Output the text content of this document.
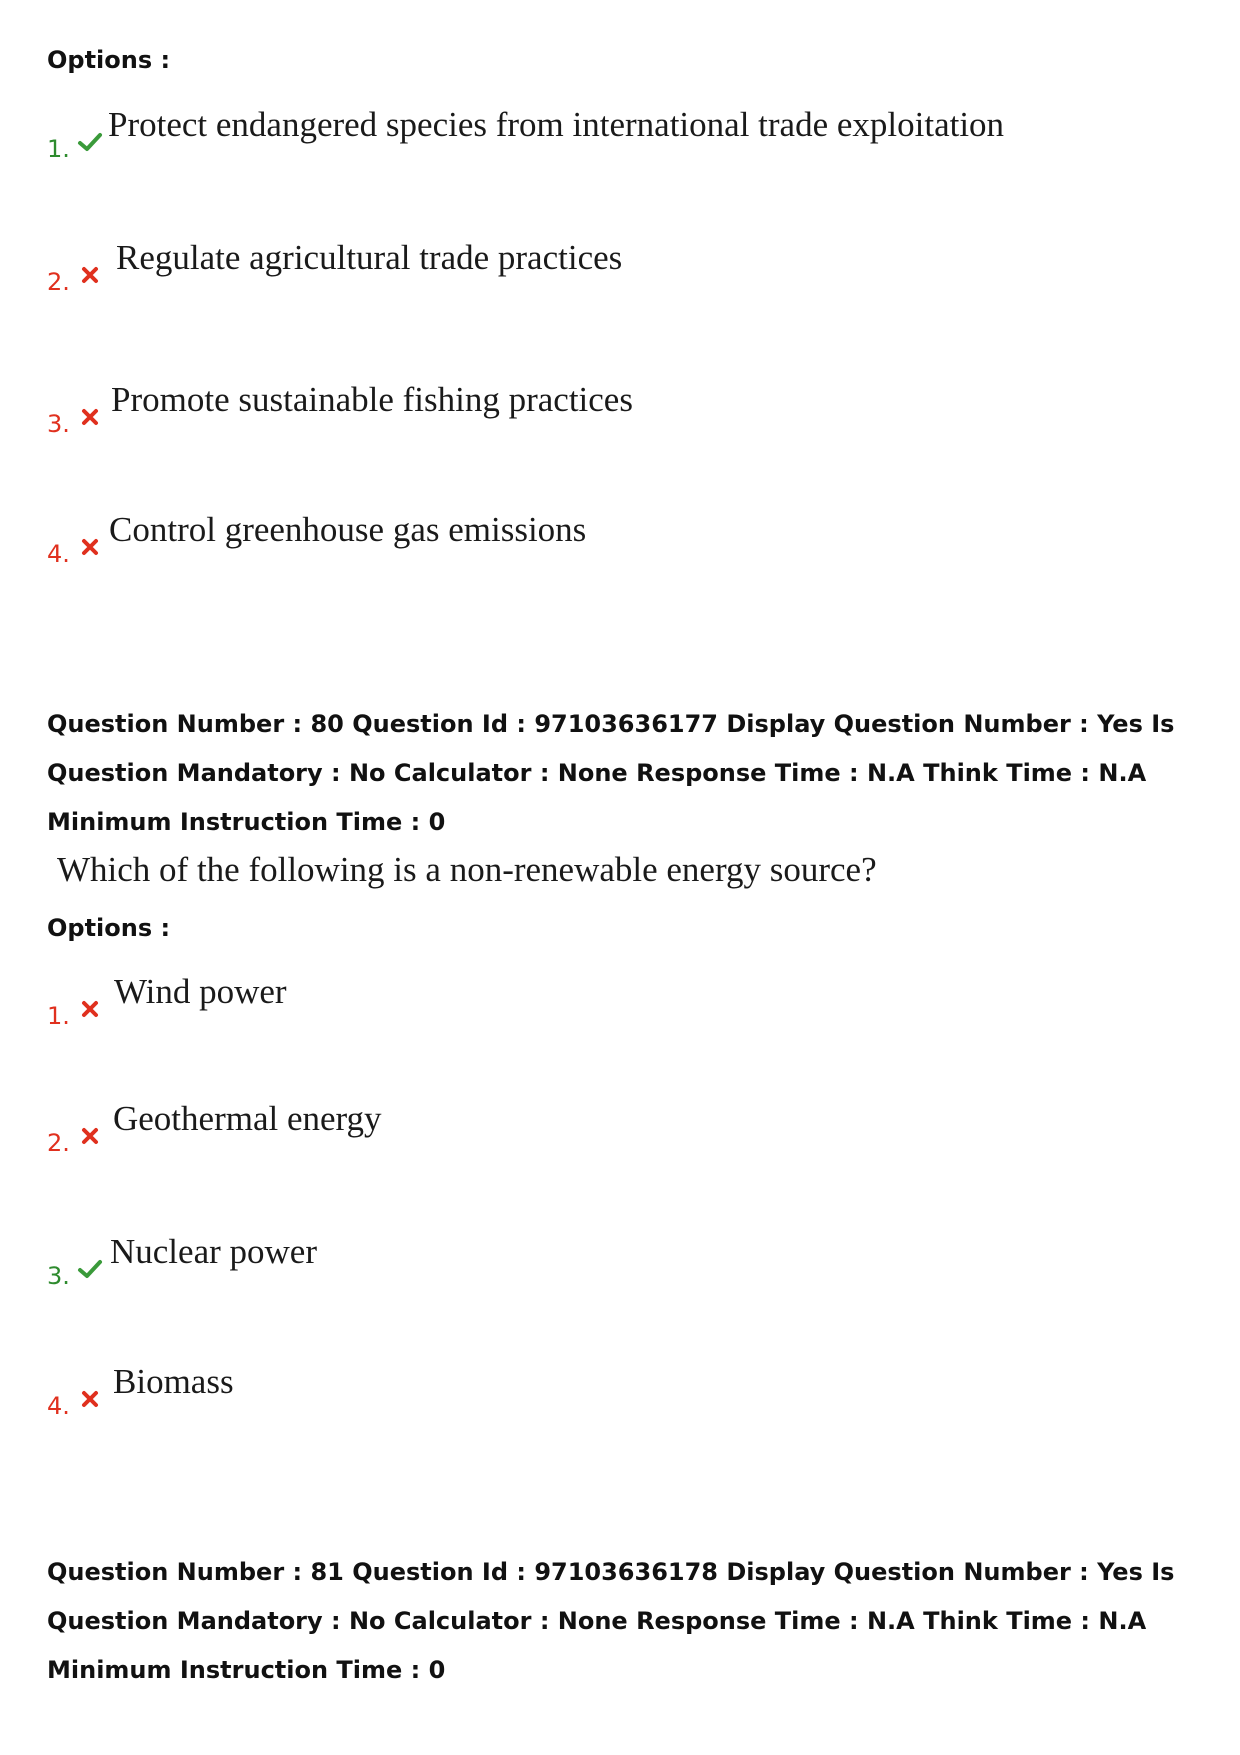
Options :
1.
Protect endangered species from international trade exploitation
2.
Regulate agricultural trade practices
3.
Promote sustainable fishing practices
4.
Control greenhouse gas emissions
Question Number : 80 Question Id : 97103636177 Display Question Number : Yes Is Question Mandatory : No Calculator : None Response Time : N.A Think Time : N.A Minimum Instruction Time : 0
Which of the following is a non-renewable energy source?
Options :
1.
Wind power
2.
Geothermal energy
3.
Nuclear power
4.
Biomass
Question Number : 81 Question Id : 97103636178 Display Question Number : Yes Is Question Mandatory : No Calculator : None Response Time : N.A Think Time : N.A Minimum Instruction Time : 0
